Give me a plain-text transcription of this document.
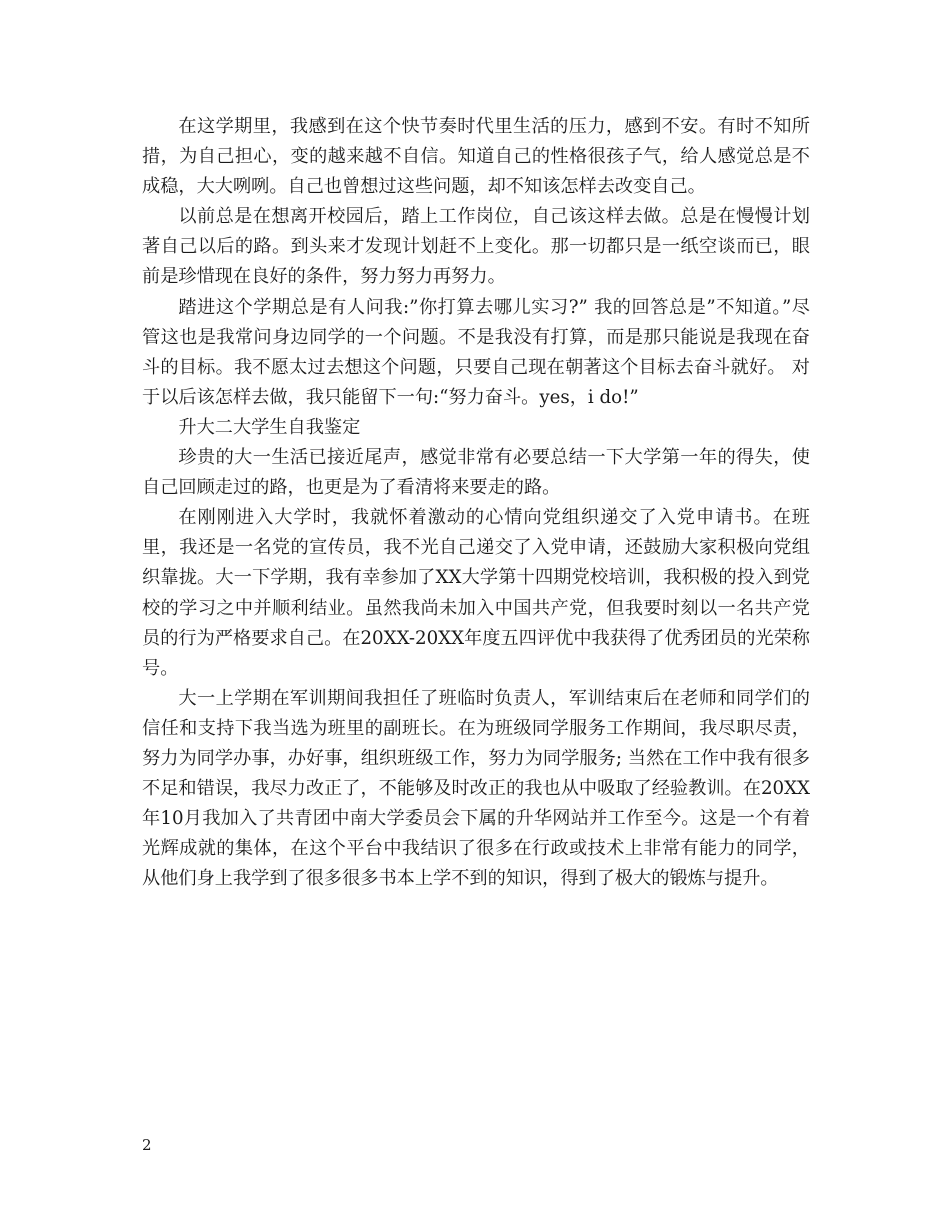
在这学期里，我感到在这个快节奏时代里生活的压力，感到不安。有时不知所措，为自己担心，变的越来越不自信。知道自己的性格很孩子气，给人感觉总是不成稳，大大咧咧。自己也曾想过这些问题，却不知该怎样去改变自己。

以前总是在想离开校园后，踏上工作岗位，自己该这样去做。总是在慢慢计划著自己以后的路。到头来才发现计划赶不上变化。那一切都只是一纸空谈而已，眼前是珍惜现在良好的条件，努力努力再努力。

踏进这个学期总是有人问我:”你打算去哪儿实习?” 我的回答总是”不知道。”尽管这也是我常问身边同学的一个问题。不是我没有打算，而是那只能说是我现在奋斗的目标。我不愿太过去想这个问题，只要自己现在朝著这个目标去奋斗就好。 对于以后该怎样去做，我只能留下一句:“努力奋斗。yes，i do!”

升大二大学生自我鉴定

珍贵的大一生活已接近尾声，感觉非常有必要总结一下大学第一年的得失，使自己回顾走过的路，也更是为了看清将来要走的路。

在刚刚进入大学时，我就怀着激动的心情向党组织递交了入党申请书。在班里，我还是一名党的宣传员，我不光自己递交了入党申请，还鼓励大家积极向党组织靠拢。大一下学期，我有幸参加了XX大学第十四期党校培训，我积极的投入到党校的学习之中并顺利结业。虽然我尚未加入中国共产党，但我要时刻以一名共产党员的行为严格要求自己。在20XX-20XX年度五四评优中我获得了优秀团员的光荣称号。

大一上学期在军训期间我担任了班临时负责人，军训结束后在老师和同学们的信任和支持下我当选为班里的副班长。在为班级同学服务工作期间，我尽职尽责，努力为同学办事，办好事，组织班级工作，努力为同学服务; 当然在工作中我有很多不足和错误，我尽力改正了，不能够及时改正的我也从中吸取了经验教训。在20XX年10月我加入了共青团中南大学委员会下属的升华网站并工作至今。这是一个有着光辉成就的集体，在这个平台中我结识了很多在行政或技术上非常有能力的同学，从他们身上我学到了很多很多书本上学不到的知识，得到了极大的锻炼与提升。

2
